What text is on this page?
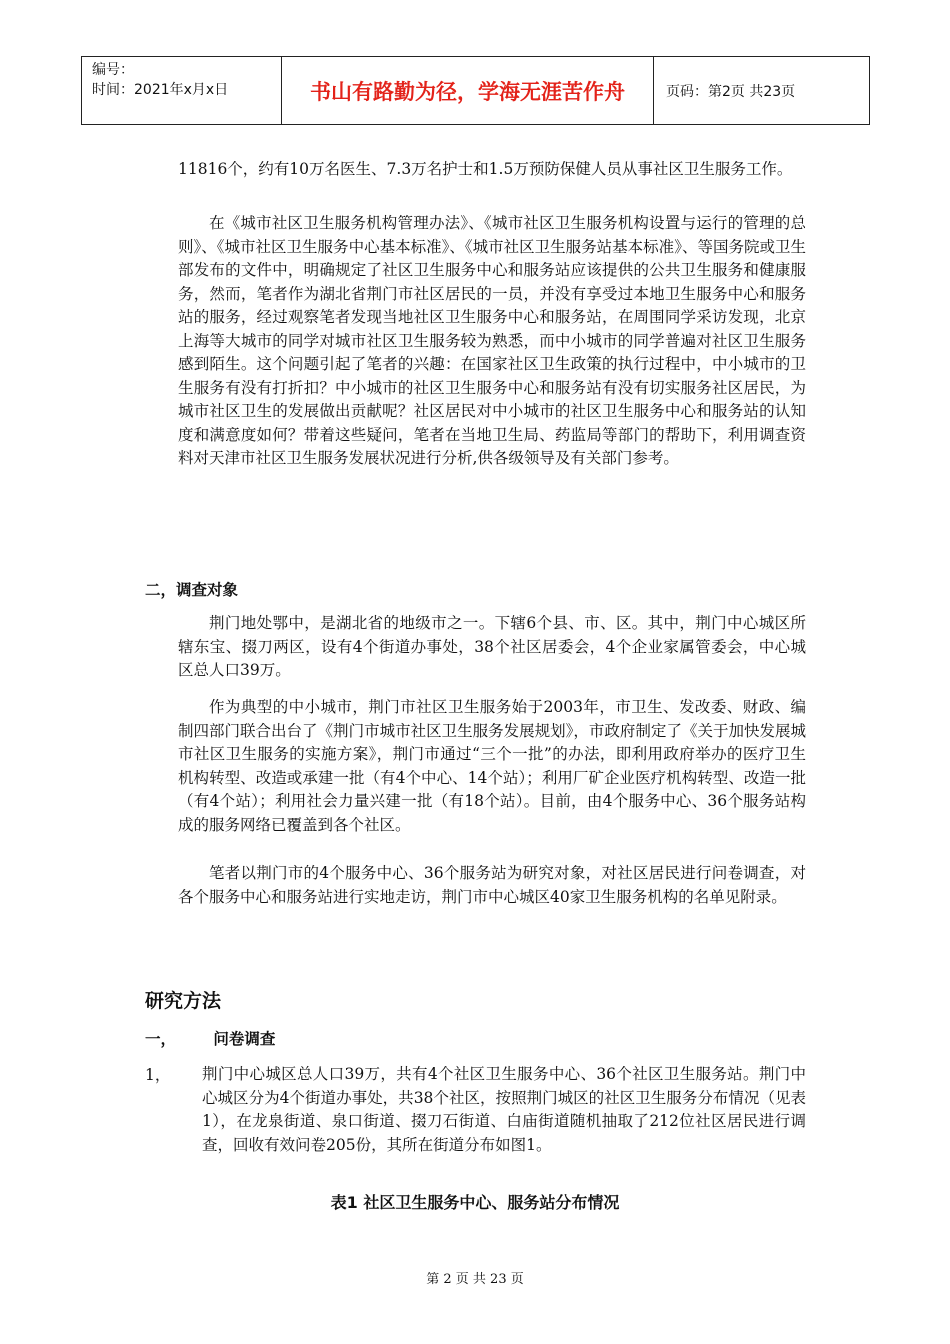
编号：
时间：2021年x月x日	书山有路勤为径，学海无涯苦作舟	页码：第2页 共23页

11816个，约有10万名医生、7.3万名护士和1.5万预防保健人员从事社区卫生服务工作。

在《城市社区卫生服务机构管理办法》、《城市社区卫生服务机构设置与运行的管理的总则》、《城市社区卫生服务中心基本标准》、《城市社区卫生服务站基本标准》、等国务院或卫生部发布的文件中，明确规定了社区卫生服务中心和服务站应该提供的公共卫生服务和健康服务，然而，笔者作为湖北省荆门市社区居民的一员，并没有享受过本地卫生服务中心和服务站的服务，经过观察笔者发现当地社区卫生服务中心和服务站，在周围同学采访发现，北京上海等大城市的同学对城市社区卫生服务较为熟悉，而中小城市的同学普遍对社区卫生服务感到陌生。这个问题引起了笔者的兴趣：在国家社区卫生政策的执行过程中，中小城市的卫生服务有没有打折扣？中小城市的社区卫生服务中心和服务站有没有切实服务社区居民，为城市社区卫生的发展做出贡献呢？社区居民对中小城市的社区卫生服务中心和服务站的认知度和满意度如何？带着这些疑问，笔者在当地卫生局、药监局等部门的帮助下，利用调查资料对天津市社区卫生服务发展状况进行分析,供各级领导及有关部门参考。

二，调查对象

荆门地处鄂中，是湖北省的地级市之一。下辖6个县、市、区。其中，荆门中心城区所辖东宝、掇刀两区，设有4个街道办事处，38个社区居委会，4个企业家属管委会，中心城区总人口39万。

作为典型的中小城市，荆门市社区卫生服务始于2003年，市卫生、发改委、财政、编制四部门联合出台了《荆门市城市社区卫生服务发展规划》，市政府制定了《关于加快发展城市社区卫生服务的实施方案》，荆门市通过“三个一批”的办法，即利用政府举办的医疗卫生机构转型、改造或承建一批（有4个中心、14个站）；利用厂矿企业医疗机构转型、改造一批（有4个站）；利用社会力量兴建一批（有18个站）。目前，由4个服务中心、36个服务站构成的服务网络已覆盖到各个社区。

笔者以荆门市的4个服务中心、36个服务站为研究对象，对社区居民进行问卷调查，对各个服务中心和服务站进行实地走访，荆门市中心城区40家卫生服务机构的名单见附录。

研究方法
一， 问卷调查
1， 荆门中心城区总人口39万，共有4个社区卫生服务中心、36个社区卫生服务站。荆门中心城区分为4个街道办事处，共38个社区，按照荆门城区的社区卫生服务分布情况（见表1），在龙泉街道、泉口街道、掇刀石街道、白庙街道随机抽取了212位社区居民进行调查，回收有效问卷205份，其所在街道分布如图1。

表1 社区卫生服务中心、服务站分布情况

第 2 页 共 23 页
